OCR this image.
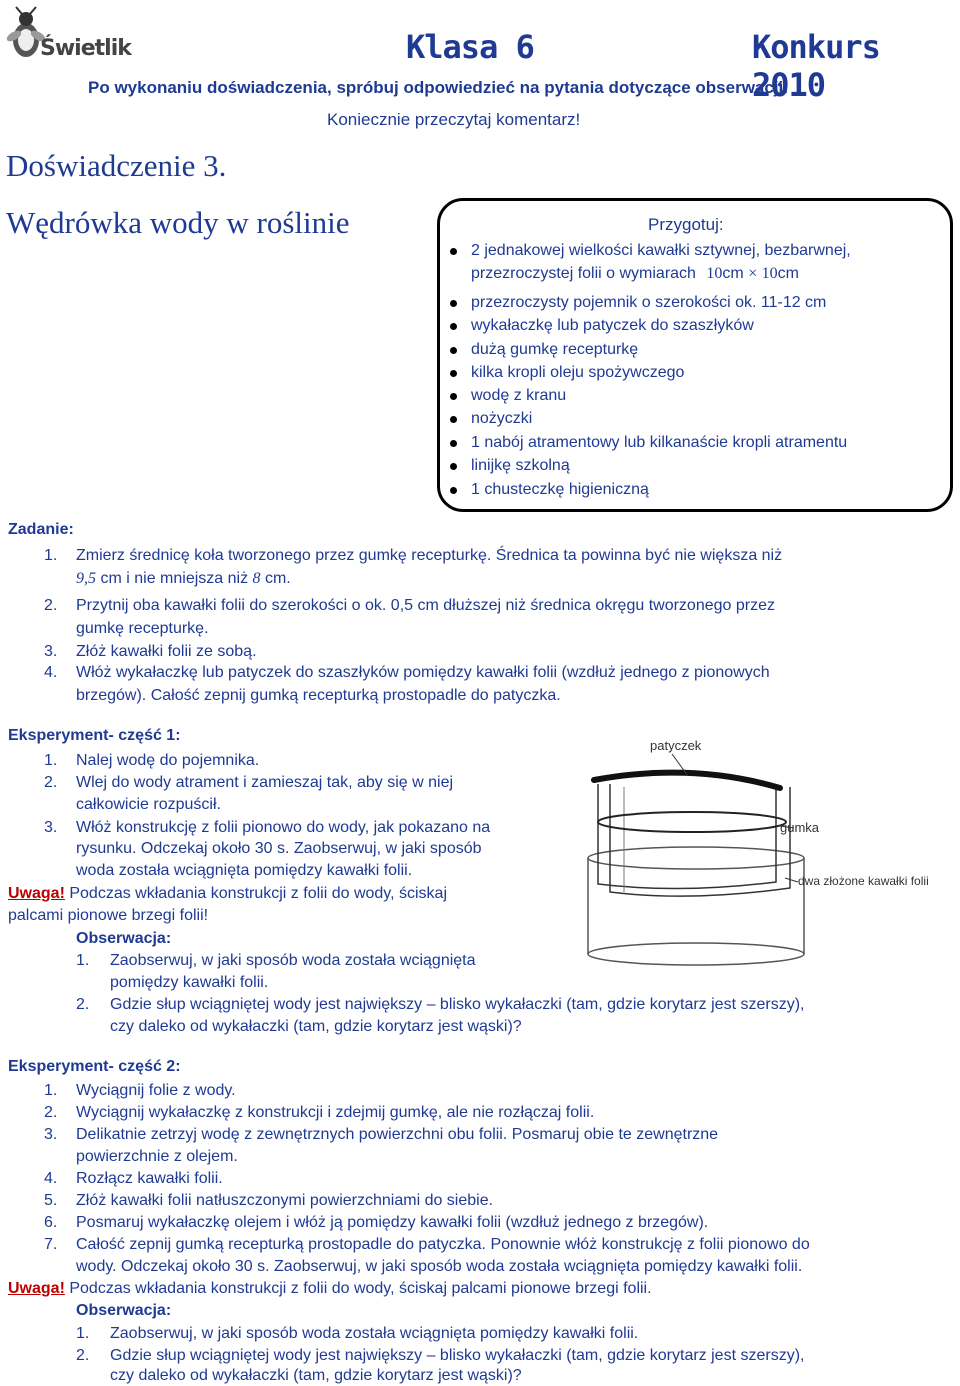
Świetlik	Klasa 6	Konkurs 2010
Po wykonaniu doświadczenia, spróbuj odpowiedzieć na pytania dotyczące obserwacji.
Koniecznie przeczytaj komentarz!
Doświadczenie 3.
Wędrówka wody w roślinie	Przygotuj:
2 jednakowej wielkości kawałki sztywnej, bezbarwnej,
przezroczystej folii o wymiarach 10cm × 10cm
przezroczysty pojemnik o szerokości ok. 11-12 cm
wykałaczkę lub patyczek do szaszłyków
dużą gumkę recepturkę
kilka kropli oleju spożywczego
wodę z kranu
nożyczki
1 nabój atramentowy lub kilkanaście kropli atramentu
linijkę szkolną
1 chusteczkę higieniczną
Zadanie:
1. Zmierz średnicę koła tworzonego przez gumkę recepturkę. Średnica ta powinna być nie większa niż
9,5 cm i nie mniejsza niż 8 cm.
2. Przytnij oba kawałki folii do szerokości o ok. 0,5 cm dłuższej niż średnica okręgu tworzonego przez
gumkę recepturkę.
3. Złóż kawałki folii ze sobą.
4. Włóż wykałaczkę lub patyczek do szaszłyków pomiędzy kawałki folii (wzdłuż jednego z pionowych
brzegów). Całość zepnij gumką recepturką prostopadle do patyczka.
Eksperyment- część 1:
1. Nalej wodę do pojemnika.
2. Wlej do wody atrament i zamieszaj tak, aby się w niej
całkowicie rozpuścił.
3. Włóż konstrukcję z folii pionowo do wody, jak pokazano na
rysunku. Odczekaj około 30 s. Zaobserwuj, w jaki sposób
woda została wciągnięta pomiędzy kawałki folii.
Uwaga! Podczas wkładania konstrukcji z folii do wody, ściskaj
palcami pionowe brzegi folii!
Obserwacja:
1. Zaobserwuj, w jaki sposób woda została wciągnięta
pomiędzy kawałki folii.
2. Gdzie słup wciągniętej wody jest największy – blisko wykałaczki (tam, gdzie korytarz jest szerszy),
czy daleko od wykałaczki (tam, gdzie korytarz jest wąski)?
patyczek
gumka
dwa złożone kawałki folii
Eksperyment- część 2:
1. Wyciągnij folie z wody.
2. Wyciągnij wykałaczkę z konstrukcji i zdejmij gumkę, ale nie rozłączaj folii.
3. Delikatnie zetrzyj wodę z zewnętrznych powierzchni obu folii. Posmaruj obie te zewnętrzne
powierzchnie z olejem.
4. Rozłącz kawałki folii.
5. Złóż kawałki folii natłuszczonymi powierzchniami do siebie.
6. Posmaruj wykałaczkę olejem i włóż ją pomiędzy kawałki folii (wzdłuż jednego z brzegów).
7. Całość zepnij gumką recepturką prostopadle do patyczka. Ponownie włóż konstrukcję z folii pionowo do
wody. Odczekaj około 30 s. Zaobserwuj, w jaki sposób woda została wciągnięta pomiędzy kawałki folii.
Uwaga! Podczas wkładania konstrukcji z folii do wody, ściskaj palcami pionowe brzegi folii.
Obserwacja:
1. Zaobserwuj, w jaki sposób woda została wciągnięta pomiędzy kawałki folii.
2. Gdzie słup wciągniętej wody jest największy – blisko wykałaczki (tam, gdzie korytarz jest szerszy),
czy daleko od wykałaczki (tam, gdzie korytarz jest wąski)?
